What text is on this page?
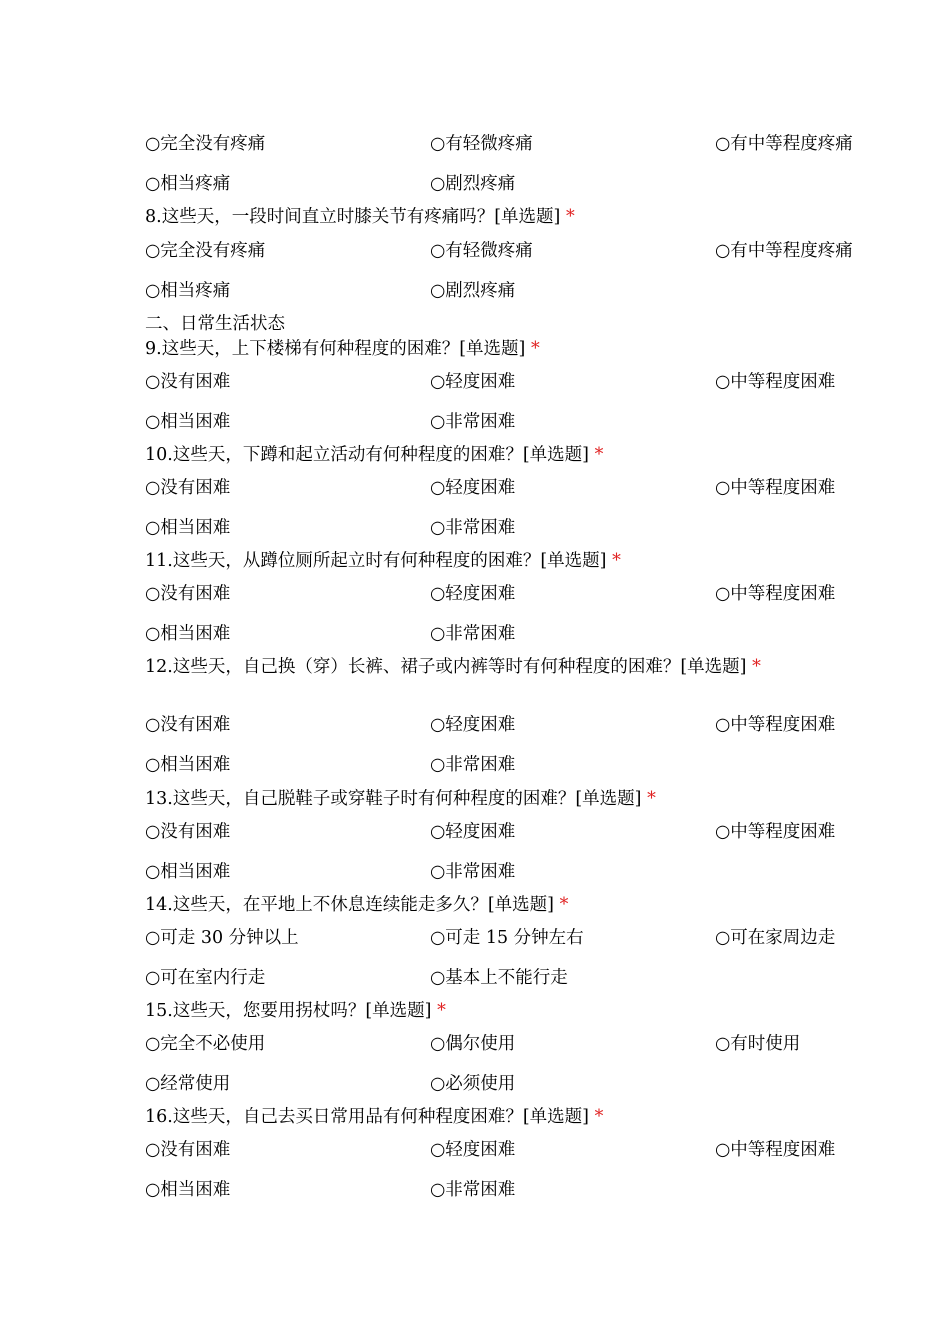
○完全没有疼痛	○有轻微疼痛	○有中等程度疼痛
○相当疼痛	○剧烈疼痛
8.这些天，一段时间直立时膝关节有疼痛吗？[单选题] *
○完全没有疼痛	○有轻微疼痛	○有中等程度疼痛
○相当疼痛	○剧烈疼痛
二、日常生活状态
9.这些天，上下楼梯有何种程度的困难？[单选题] *
○没有困难	○轻度困难	○中等程度困难
○相当困难	○非常困难
10.这些天，下蹲和起立活动有何种程度的困难？[单选题] *
○没有困难	○轻度困难	○中等程度困难
○相当困难	○非常困难
11.这些天，从蹲位厕所起立时有何种程度的困难？[单选题] *
○没有困难	○轻度困难	○中等程度困难
○相当困难	○非常困难
12.这些天，自己换（穿）长裤、裙子或内裤等时有何种程度的困难？[单选题] *
○没有困难	○轻度困难	○中等程度困难
○相当困难	○非常困难
13.这些天，自己脱鞋子或穿鞋子时有何种程度的困难？[单选题] *
○没有困难	○轻度困难	○中等程度困难
○相当困难	○非常困难
14.这些天，在平地上不休息连续能走多久？[单选题] *
○可走 30 分钟以上	○可走 15 分钟左右	○可在家周边走
○可在室内行走	○基本上不能行走
15.这些天，您要用拐杖吗？[单选题] *
○完全不必使用	○偶尔使用	○有时使用
○经常使用	○必须使用
16.这些天，自己去买日常用品有何种程度困难？[单选题] *
○没有困难	○轻度困难	○中等程度困难
○相当困难	○非常困难
